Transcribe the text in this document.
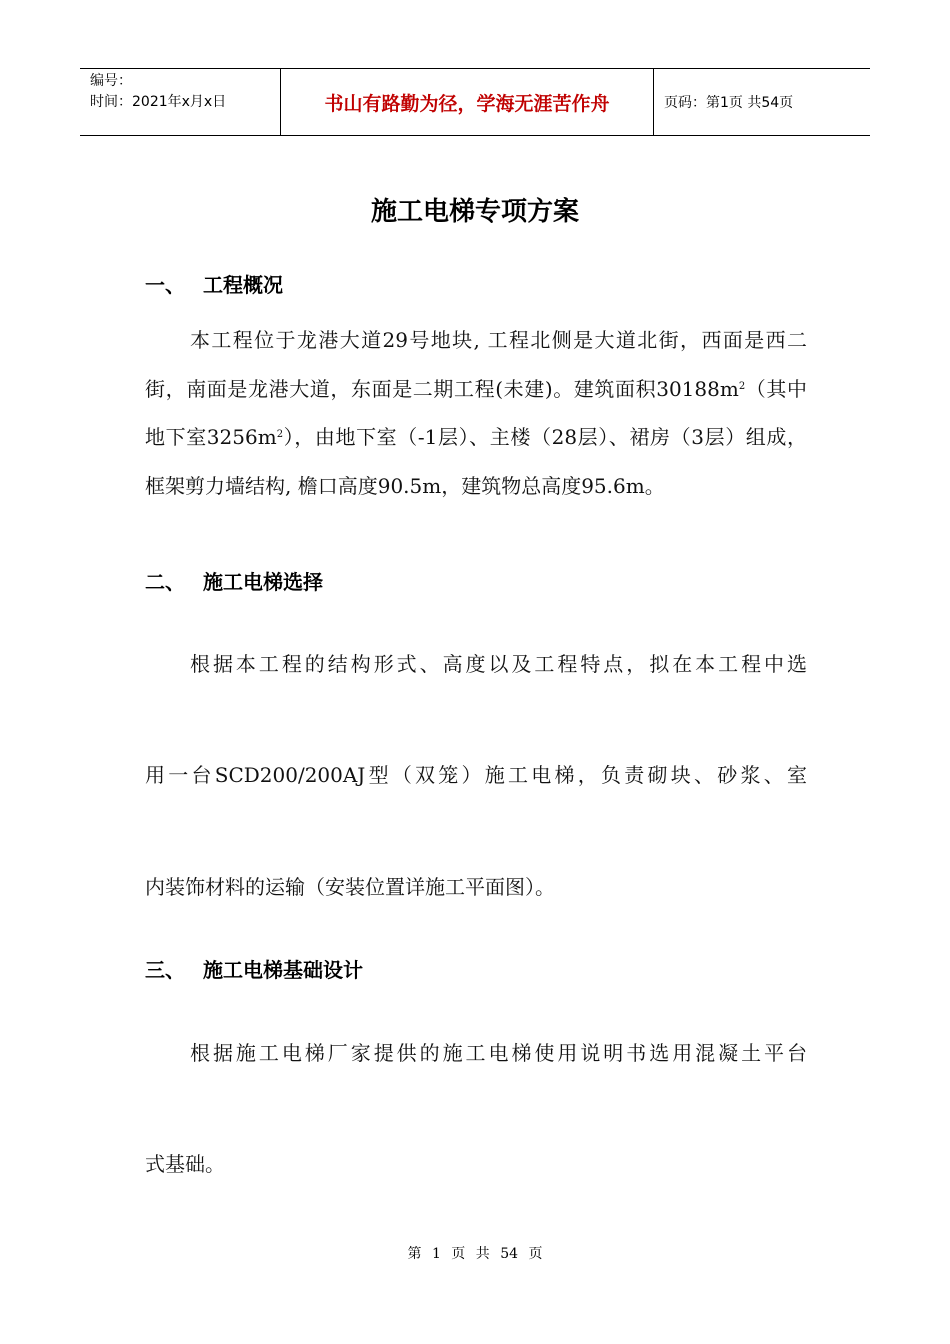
编号：
时间：2021年x月x日	书山有路勤为径，学海无涯苦作舟	页码：第1页 共54页
施工电梯专项方案
一、 工程概况
本工程位于龙港大道29号地块, 工程北侧是大道北街，西面是西二街，南面是龙港大道，东面是二期工程(未建)。建筑面积$30188m^2$（其中地下室$3256m^2$），由地下室（-1层）、主楼（28层）、裙房（3层）组成，框架剪力墙结构, 檐口高度90.5m，建筑物总高度95.6m。
二、 施工电梯选择
根据本工程的结构形式、高度以及工程特点，拟在本工程中选
用一台SCD200/200AJ型（双笼）施工电梯，负责砌块、砂浆、室
内装饰材料的运输（安装位置详施工平面图）。
三、 施工电梯基础设计
根据施工电梯厂家提供的施工电梯使用说明书选用混凝土平台
式基础。
第 1 页 共 54 页
